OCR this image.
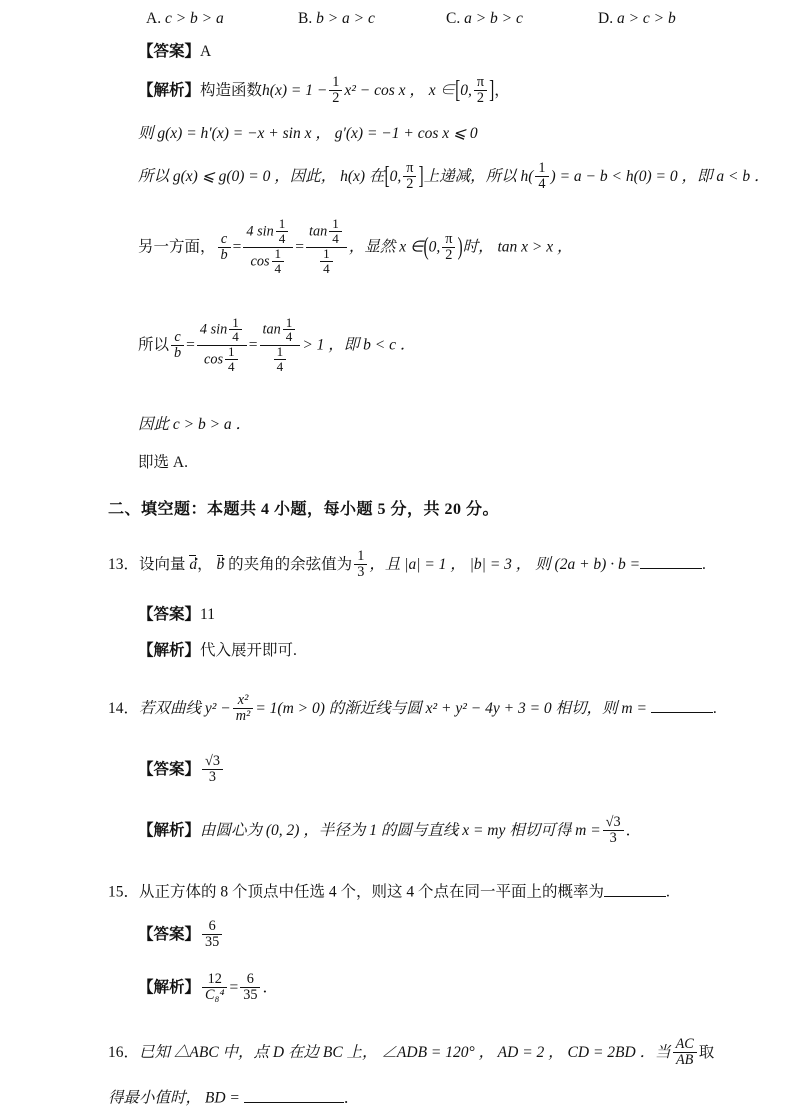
A. c > b > a	B. b > a > c	C. a > b > c	D. a > c > b
【答案】A
【解析】构造函数$h(x) = 1 - \frac{1}{2} x^2 - \cos x$ ， x ∈[0, $\frac{\pi}{2}$ ]，
则 g(x) = h′(x) = −x + sin x ， g′(x) = −1 + cos x ⩽ 0
所以 g(x) ⩽ g(0) = 0 ，因此， h(x) 在[0, $\frac{\pi}{2}$ ]上递减，所以 $h( \frac{1}{4}$ ) = a − b < h(0) = 0 ，即 a < b ．
另一方面， $\frac{c}{b} = \frac{4 \sin \frac{1}{4}}{\cos \frac{1}{4}} = \frac{\tan \frac{1}{4}}{\frac{1}{4}}$ ，显然 x ∈(0, $\frac{\pi}{2}$ )时， tan x > x ，
所以 $\frac{c}{b} = \frac{4 \sin \frac{1}{4}}{\cos \frac{1}{4}} = \frac{\tan \frac{1}{4}}{\frac{1}{4}} > 1$ ，即 b < c ．
因此 c > b > a ．
即选 A.
二、填空题：本题共 4 小题，每小题 5 分，共 20 分。
13．设向量 a， b 的夹角的余弦值为 $\frac{1}{3}$ ，且 |a| = 1 ， |b| = 3 ， 则 (2a + b) · b =	.
【答案】11
【解析】代入展开即可.
14．若双曲线 $y^2 - \frac{\text{x²}}{\text{m²}} = 1(m > 0)$ 的渐近线与圆 x² + y² − 4y + 3 = 0 相切，则 m =	.
【答案】 $\frac{√3}{3}$
【解析】由圆心为 (0, 2) ，半径为 1 的圆与直线 x = my 相切可得 $m = \frac{√3}{3}$ ．
15．从正方体的 8 个顶点中任选 4 个，则这 4 个点在同一平面上的概率为	.
【答案】 $\frac{6}{35}$
【解析】 $\frac{12}{\text{C₈⁴}} = \frac{6}{35}$ ．
16．已知 △ABC 中，点 D 在边 BC 上， ∠ADB = 120° ， AD = 2 ， CD = 2BD ．当 $\frac{AC}{AB}$ 取
得最小值时， BD =	．
